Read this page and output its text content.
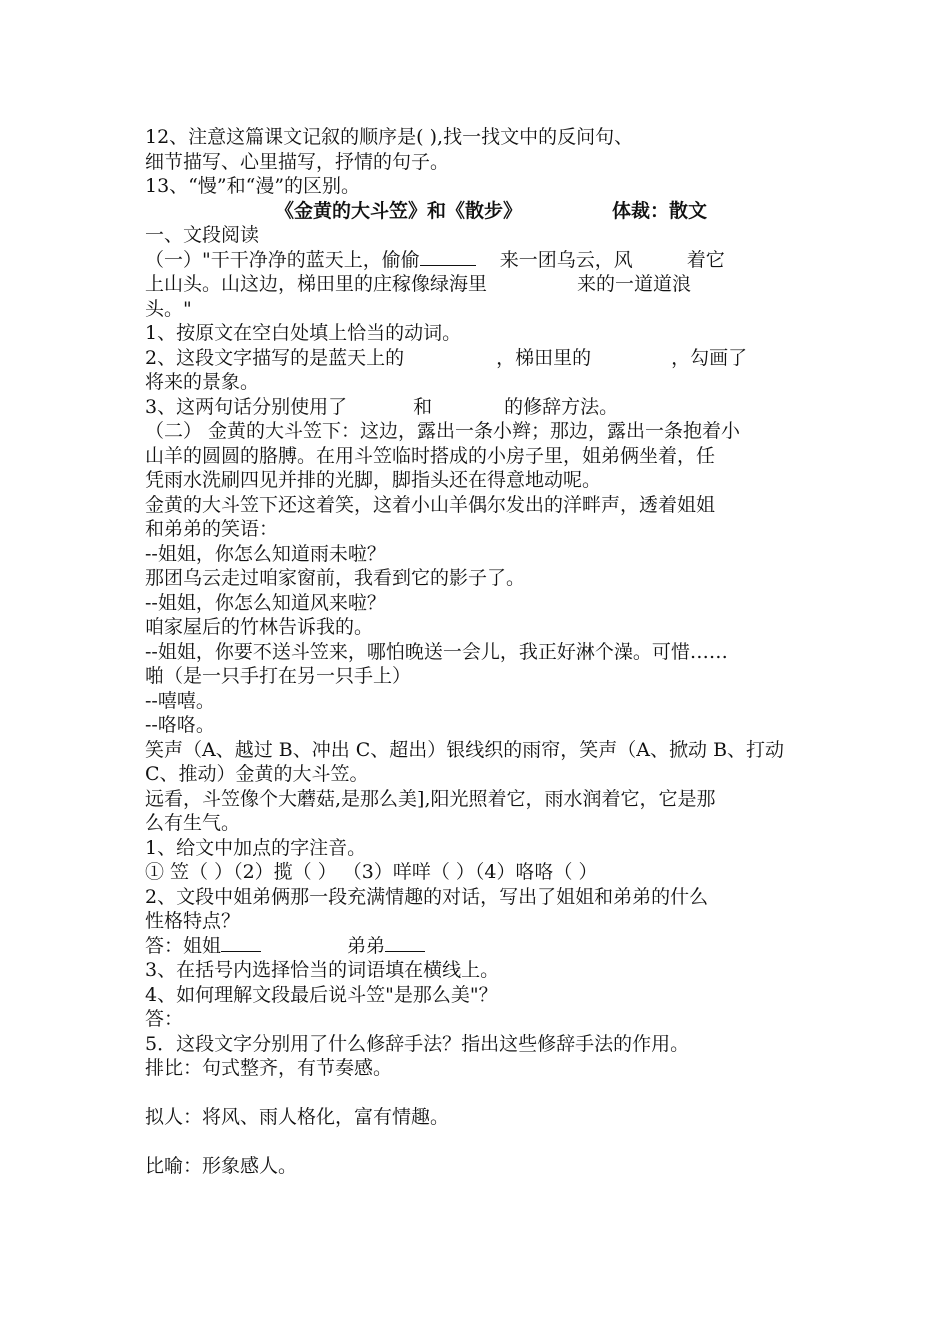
12、注意这篇课文记叙的顺序是( ),找一找文中的反问句、
细节描写、心里描写，抒情的句子。
13、“慢”和“漫”的区别。
《金黄的大斗笠》和《散步》	体裁：散文
一、文段阅读
（一）"干干净净的蓝天上，偷偷	来一团乌云，风	着它
上山头。山这边，梯田里的庄稼像绿海里	来的一道道浪
头。"
1、按原文在空白处填上恰当的动词。
2、这段文字描写的是蓝天上的	，梯田里的	，勾画了
将来的景象。
3、这两句话分别使用了	和	的修辞方法。
（二） 金黄的大斗笠下：这边，露出一条小辫；那边，露出一条抱着小
山羊的圆圆的胳膊。在用斗笠临时搭成的小房子里，姐弟俩坐着，任
凭雨水洗刷四见并排的光脚，脚指头还在得意地动呢。
金黄的大斗笠下还这着笑，这着小山羊偶尔发出的洋畔声，透着姐姐
和弟弟的笑语：
--姐姐，你怎么知道雨未啦？
那团乌云走过咱家窗前，我看到它的影子了。
--姐姐，你怎么知道风来啦？
咱家屋后的竹林告诉我的。
--姐姐，你要不送斗笠来，哪怕晚送一会儿，我正好淋个澡。可惜……
啪（是一只手打在另一只手上）
--嘻嘻。
--咯咯。
笑声（A、越过 B、冲出 C、超出）银线织的雨帘，笑声（A、掀动 B、打动
C、推动）金黄的大斗笠。
远看，斗笠像个大蘑菇,是那么美],阳光照着它，雨水润着它，它是那
么有生气。
1、给文中加点的字注音。
① 笠（ ）（2）揽（ ） （3）咩咩（ ）（4）咯咯（ ）
2、文段中姐弟俩那一段充满情趣的对话，写出了姐姐和弟弟的什么
性格特点？
答：姐姐	弟弟
3、在括号内选择恰当的词语填在横线上。
4、如何理解文段最后说斗笠"是那么美"？
答：
5．这段文字分别用了什么修辞手法？指出这些修辞手法的作用。
排比：句式整齐，有节奏感。
拟人：将风、雨人格化，富有情趣。
比喻：形象感人。
